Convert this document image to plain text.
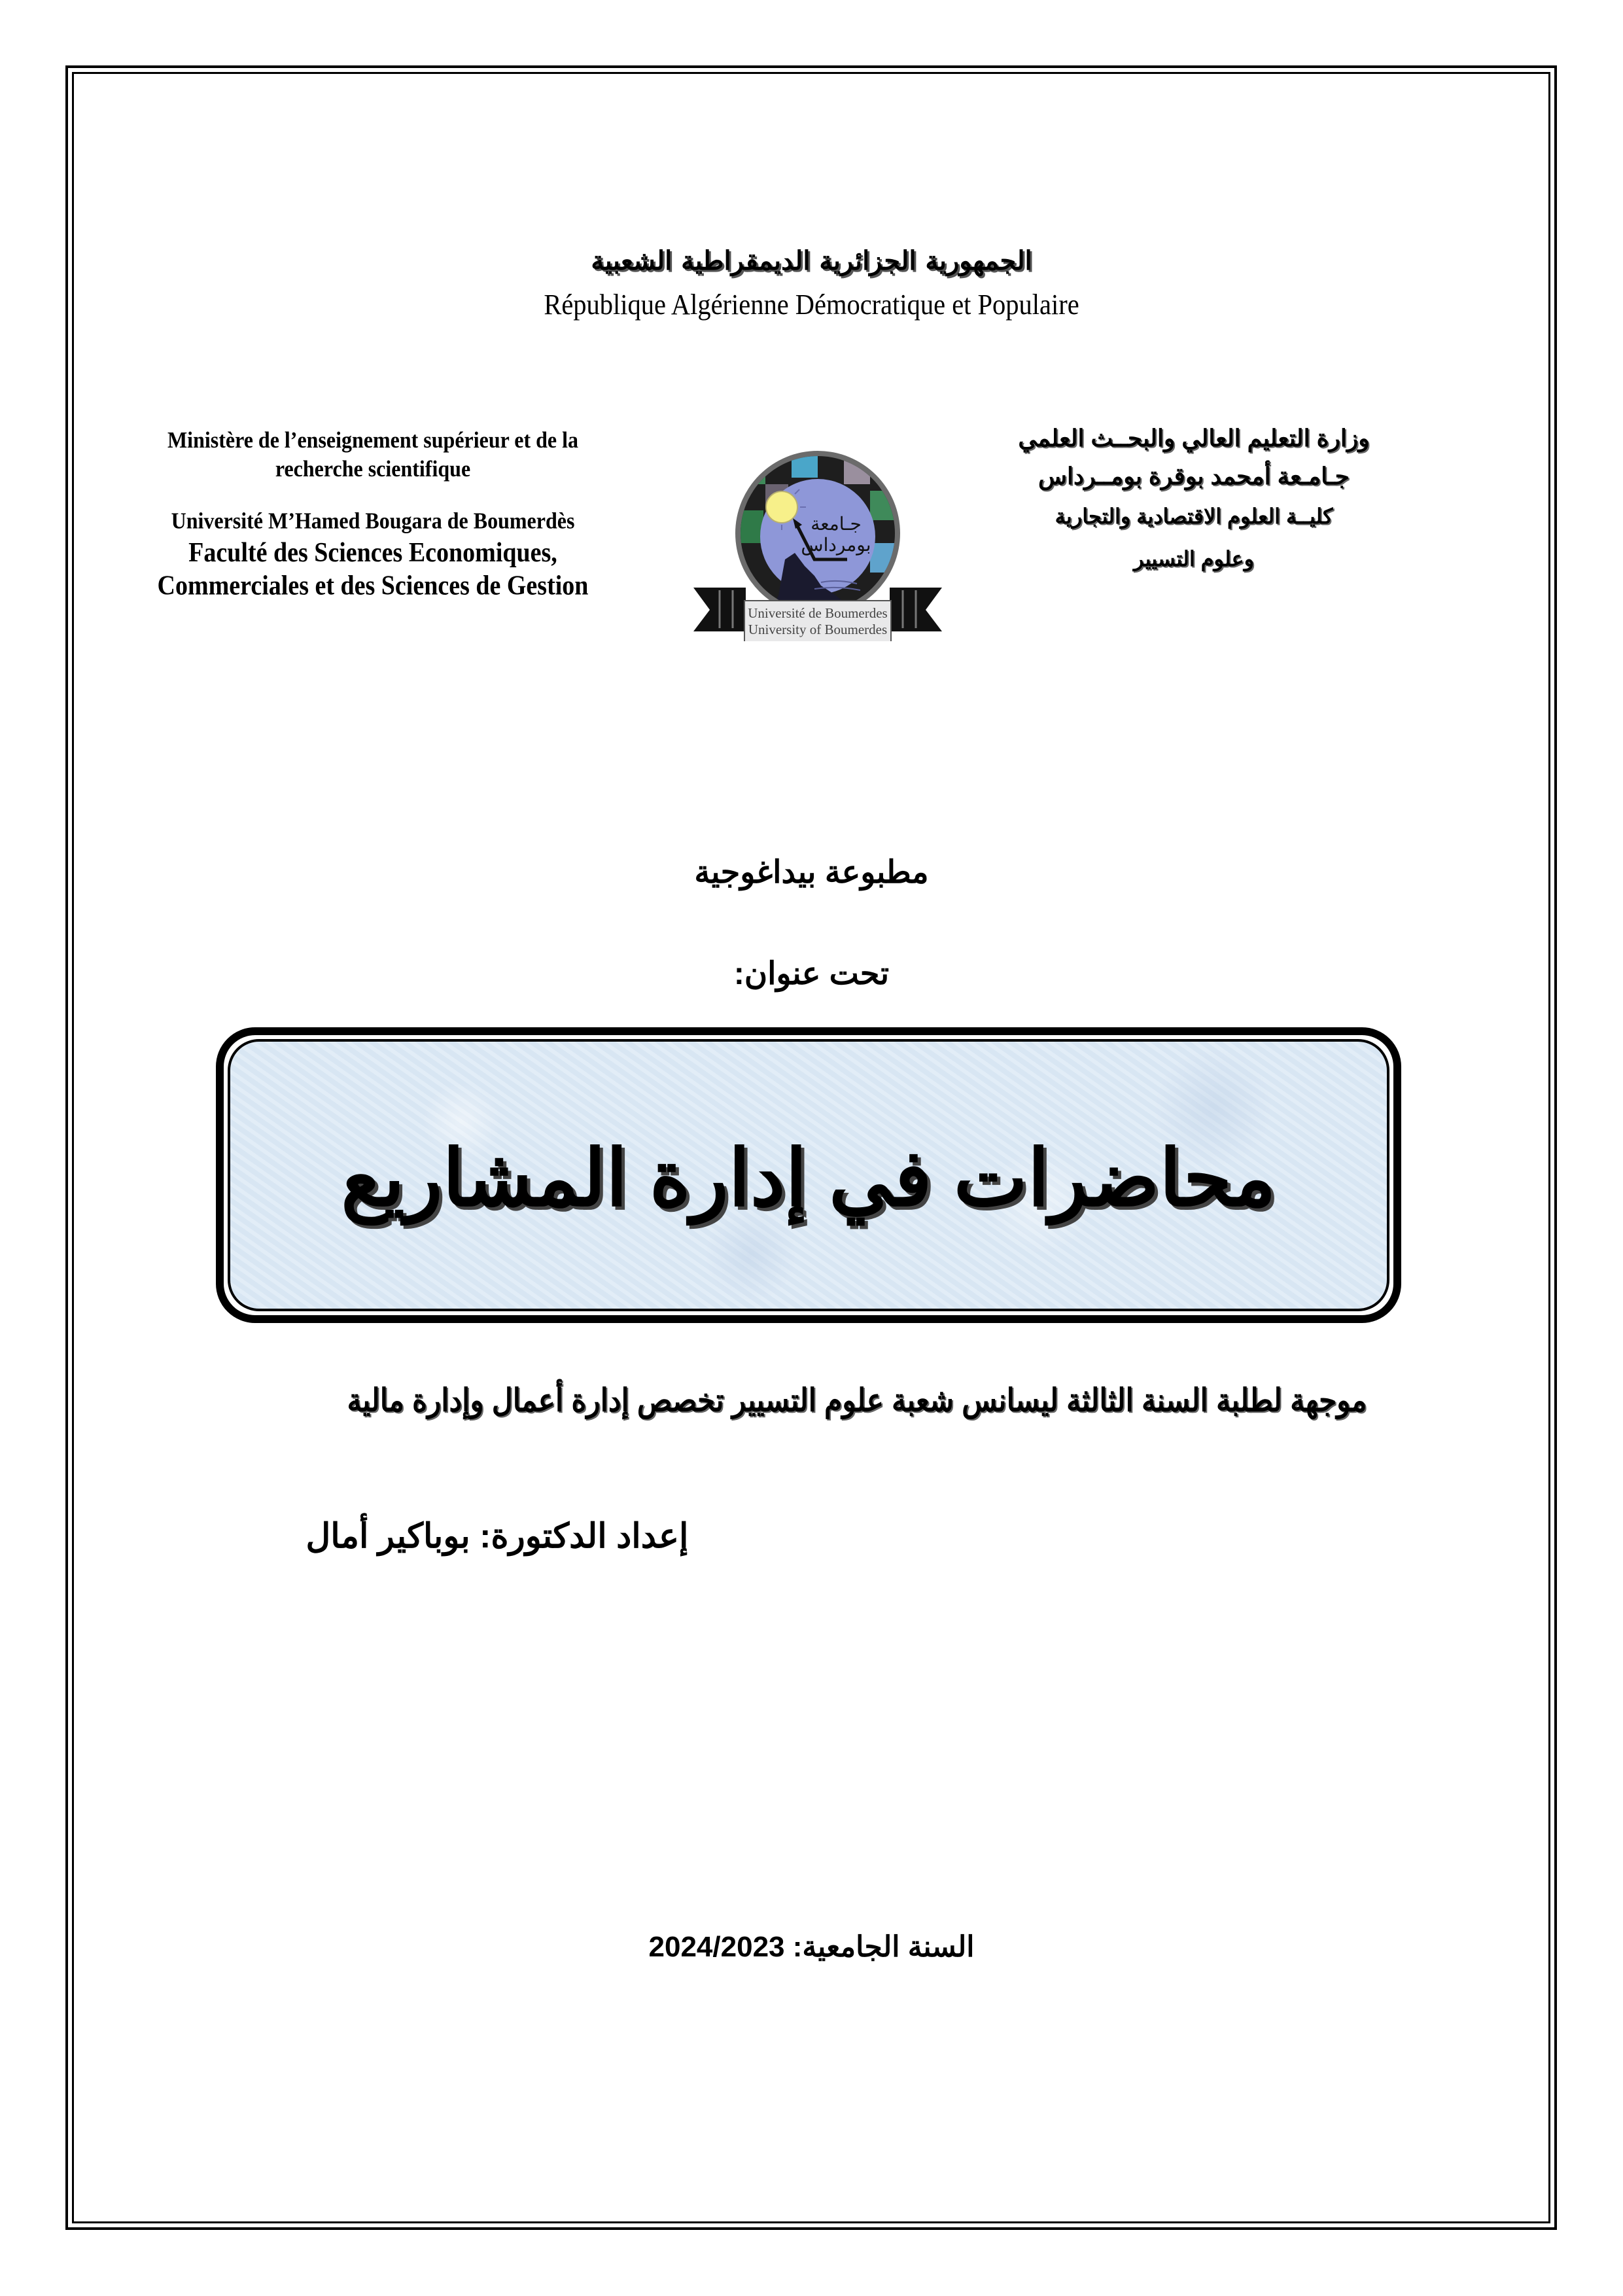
الجمهورية الجزائرية الديمقراطية الشعبية
République Algérienne Démocratique et Populaire
Ministère de l’enseignement supérieur et de la
recherche scientifique
Université M’Hamed Bougara de Boumerdès
Faculté des Sciences Economiques,
Commerciales et des Sciences de Gestion
جـامعة
بومرداس
Université de Boumerdes
University of Boumerdes
وزارة التعليم العالي والبحــث العلمي
جـامـعة أمحمد بوقرة بومــرداس
كليــة العلوم الاقتصادية والتجارية
وعلوم التسيير
مطبوعة بيداغوجية
تحت عنوان:
محاضرات في إدارة المشاريع
موجهة لطلبة السنة الثالثة ليسانس شعبة علوم التسيير تخصص إدارة أعمال وإدارة مالية
إعداد الدكتورة: بوباكير أمال
2024/2023 السنة الجامعية:
